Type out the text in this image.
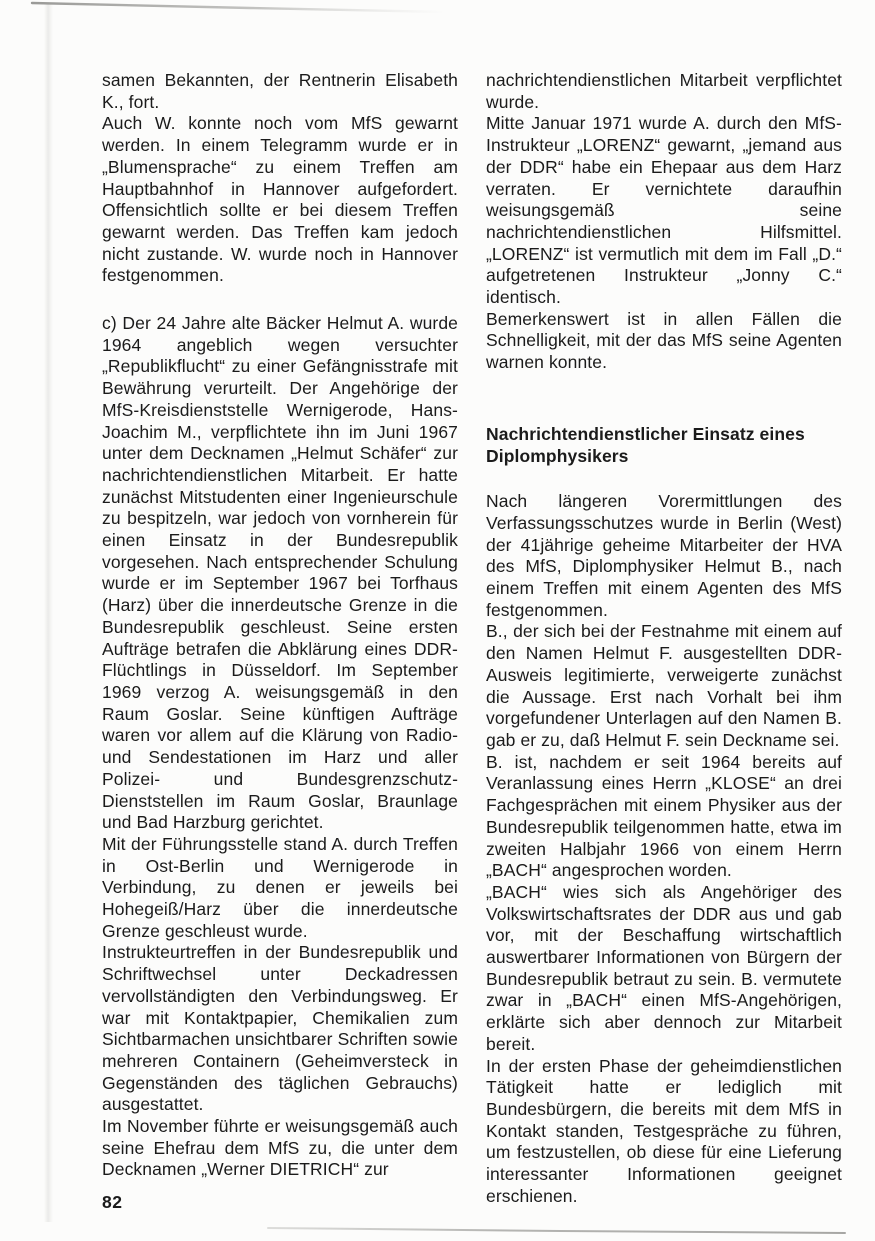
samen Bekannten, der Rentnerin Elisabeth K., fort.

Auch W. konnte noch vom MfS gewarnt werden. In einem Telegramm wurde er in „Blumensprache“ zu einem Treffen am Hauptbahnhof in Hannover aufgefordert. Offensichtlich sollte er bei diesem Treffen gewarnt werden. Das Treffen kam jedoch nicht zustande. W. wurde noch in Hannover festgenommen.

c) Der 24 Jahre alte Bäcker Helmut A. wurde 1964 angeblich wegen versuchter „Republikflucht“ zu einer Gefängnisstrafe mit Bewährung verurteilt. Der Angehörige der MfS-Kreisdienststelle Wernigerode, Hans-Joachim M., verpflichtete ihn im Juni 1967 unter dem Decknamen „Helmut Schäfer“ zur nachrichtendienstlichen Mitarbeit. Er hatte zunächst Mitstudenten einer Ingenieurschule zu bespitzeln, war jedoch von vornherein für einen Einsatz in der Bundesrepublik vorgesehen. Nach entsprechender Schulung wurde er im September 1967 bei Torfhaus (Harz) über die innerdeutsche Grenze in die Bundesrepublik geschleust. Seine ersten Aufträge betrafen die Abklärung eines DDR-Flüchtlings in Düsseldorf. Im September 1969 verzog A. weisungsgemäß in den Raum Goslar. Seine künftigen Aufträge waren vor allem auf die Klärung von Radio- und Sendestationen im Harz und aller Polizei- und Bundesgrenzschutz-Dienststellen im Raum Goslar, Braunlage und Bad Harzburg gerichtet.

Mit der Führungsstelle stand A. durch Treffen in Ost-Berlin und Wernigerode in Verbindung, zu denen er jeweils bei Hohegeiß/Harz über die innerdeutsche Grenze geschleust wurde.

Instrukteurtreffen in der Bundesrepublik und Schriftwechsel unter Deckadressen vervollständigten den Verbindungsweg. Er war mit Kontaktpapier, Chemikalien zum Sichtbarmachen unsichtbarer Schriften sowie mehreren Containern (Geheimversteck in Gegenständen des täglichen Gebrauchs) ausgestattet.

Im November führte er weisungsgemäß auch seine Ehefrau dem MfS zu, die unter dem Decknamen „Werner DIETRICH“ zur

nachrichtendienstlichen Mitarbeit verpflichtet wurde.

Mitte Januar 1971 wurde A. durch den MfS-Instrukteur „LORENZ“ gewarnt, „jemand aus der DDR“ habe ein Ehepaar aus dem Harz verraten. Er vernichtete daraufhin weisungsgemäß seine nachrichtendienstlichen Hilfsmittel. „LORENZ“ ist vermutlich mit dem im Fall „D.“ aufgetretenen Instrukteur „Jonny C.“ identisch.

Bemerkenswert ist in allen Fällen die Schnelligkeit, mit der das MfS seine Agenten warnen konnte.

Nachrichtendienstlicher Einsatz eines Diplomphysikers

Nach längeren Vorermittlungen des Verfassungsschutzes wurde in Berlin (West) der 41jährige geheime Mitarbeiter der HVA des MfS, Diplomphysiker Helmut B., nach einem Treffen mit einem Agenten des MfS festgenommen.

B., der sich bei der Festnahme mit einem auf den Namen Helmut F. ausgestellten DDR-Ausweis legitimierte, verweigerte zunächst die Aussage. Erst nach Vorhalt bei ihm vorgefundener Unterlagen auf den Namen B. gab er zu, daß Helmut F. sein Deckname sei.

B. ist, nachdem er seit 1964 bereits auf Veranlassung eines Herrn „KLOSE“ an drei Fachgesprächen mit einem Physiker aus der Bundesrepublik teilgenommen hatte, etwa im zweiten Halbjahr 1966 von einem Herrn „BACH“ angesprochen worden.

„BACH“ wies sich als Angehöriger des Volkswirtschaftsrates der DDR aus und gab vor, mit der Beschaffung wirtschaftlich auswertbarer Informationen von Bürgern der Bundesrepublik betraut zu sein. B. vermutete zwar in „BACH“ einen MfS-Angehörigen, erklärte sich aber dennoch zur Mitarbeit bereit.

In der ersten Phase der geheimdienstlichen Tätigkeit hatte er lediglich mit Bundesbürgern, die bereits mit dem MfS in Kontakt standen, Testgespräche zu führen, um festzustellen, ob diese für eine Lieferung interessanter Informationen geeignet erschienen.

82
